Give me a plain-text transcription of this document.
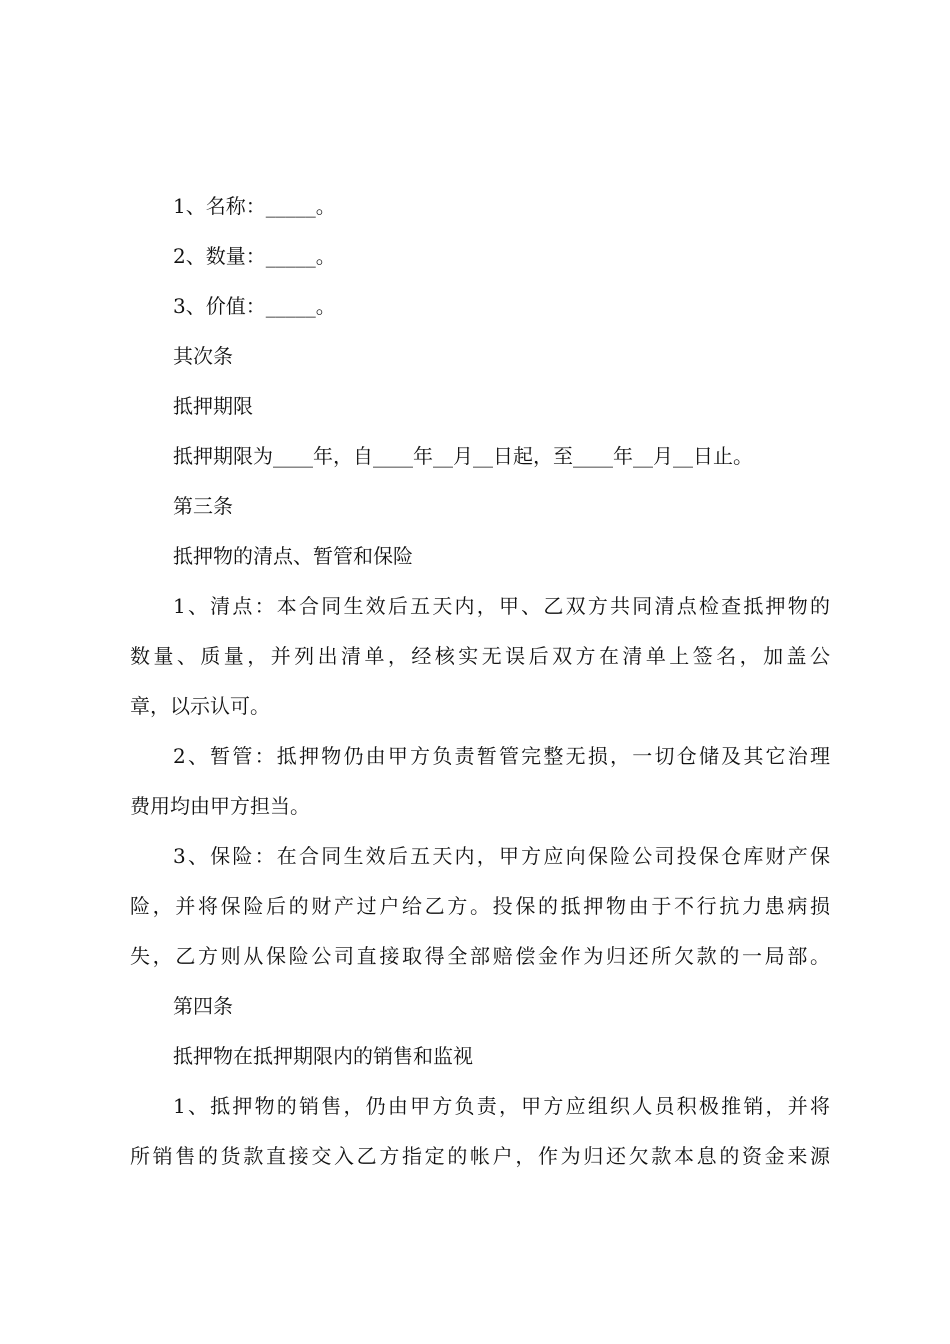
1、名称：_____。
2、数量：_____。
3、价值：_____。
其次条
抵押期限
抵押期限为____年，自____年__月__日起，至____年__月__日止。
第三条
抵押物的清点、暂管和保险
1、清点：本合同生效后五天内，甲、乙双方共同清点检查抵押物的
数量、质量，并列出清单，经核实无误后双方在清单上签名，加盖公
章，以示认可。
2、暂管：抵押物仍由甲方负责暂管完整无损，一切仓储及其它治理
费用均由甲方担当。
3、保险：在合同生效后五天内，甲方应向保险公司投保仓库财产保
险，并将保险后的财产过户给乙方。投保的抵押物由于不行抗力患病损
失，乙方则从保险公司直接取得全部赔偿金作为归还所欠款的一局部。
第四条
抵押物在抵押期限内的销售和监视
1、抵押物的销售，仍由甲方负责，甲方应组织人员积极推销，并将
所销售的货款直接交入乙方指定的帐户，作为归还欠款本息的资金来源
